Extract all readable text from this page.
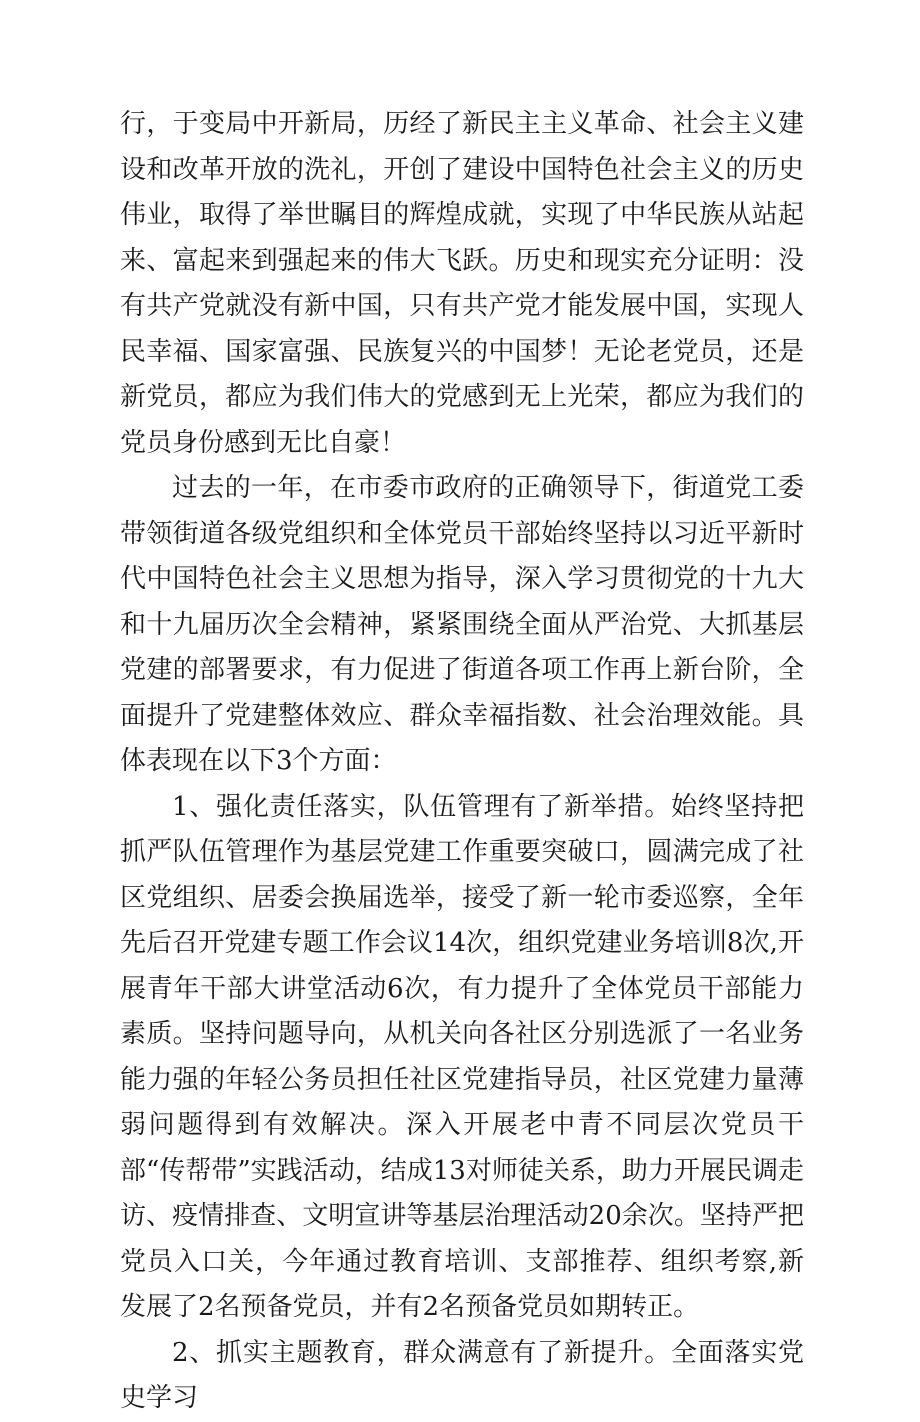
行，于变局中开新局，历经了新民主主义革命、社会主义建设和改革开放的洗礼，开创了建设中国特色社会主义的历史伟业，取得了举世瞩目的辉煌成就，实现了中华民族从站起来、富起来到强起来的伟大飞跃。历史和现实充分证明：没有共产党就没有新中国，只有共产党才能发展中国，实现人民幸福、国家富强、民族复兴的中国梦！无论老党员，还是新党员，都应为我们伟大的党感到无上光荣，都应为我们的党员身份感到无比自豪！

过去的一年，在市委市政府的正确领导下，街道党工委带领街道各级党组织和全体党员干部始终坚持以习近平新时代中国特色社会主义思想为指导，深入学习贯彻党的十九大和十九届历次全会精神，紧紧围绕全面从严治党、大抓基层党建的部署要求，有力促进了街道各项工作再上新台阶，全面提升了党建整体效应、群众幸福指数、社会治理效能。具体表现在以下3个方面：

1、强化责任落实，队伍管理有了新举措。始终坚持把抓严队伍管理作为基层党建工作重要突破口，圆满完成了社区党组织、居委会换届选举，接受了新一轮市委巡察，全年先后召开党建专题工作会议14次，组织党建业务培训8次,开展青年干部大讲堂活动6次，有力提升了全体党员干部能力素质。坚持问题导向，从机关向各社区分别选派了一名业务能力强的年轻公务员担任社区党建指导员，社区党建力量薄弱问题得到有效解决。深入开展老中青不同层次党员干部“传帮带”实践活动，结成13对师徒关系，助力开展民调走访、疫情排查、文明宣讲等基层治理活动20余次。坚持严把党员入口关，今年通过教育培训、支部推荐、组织考察,新发展了2名预备党员，并有2名预备党员如期转正。

2、抓实主题教育，群众满意有了新提升。全面落实党史学习
